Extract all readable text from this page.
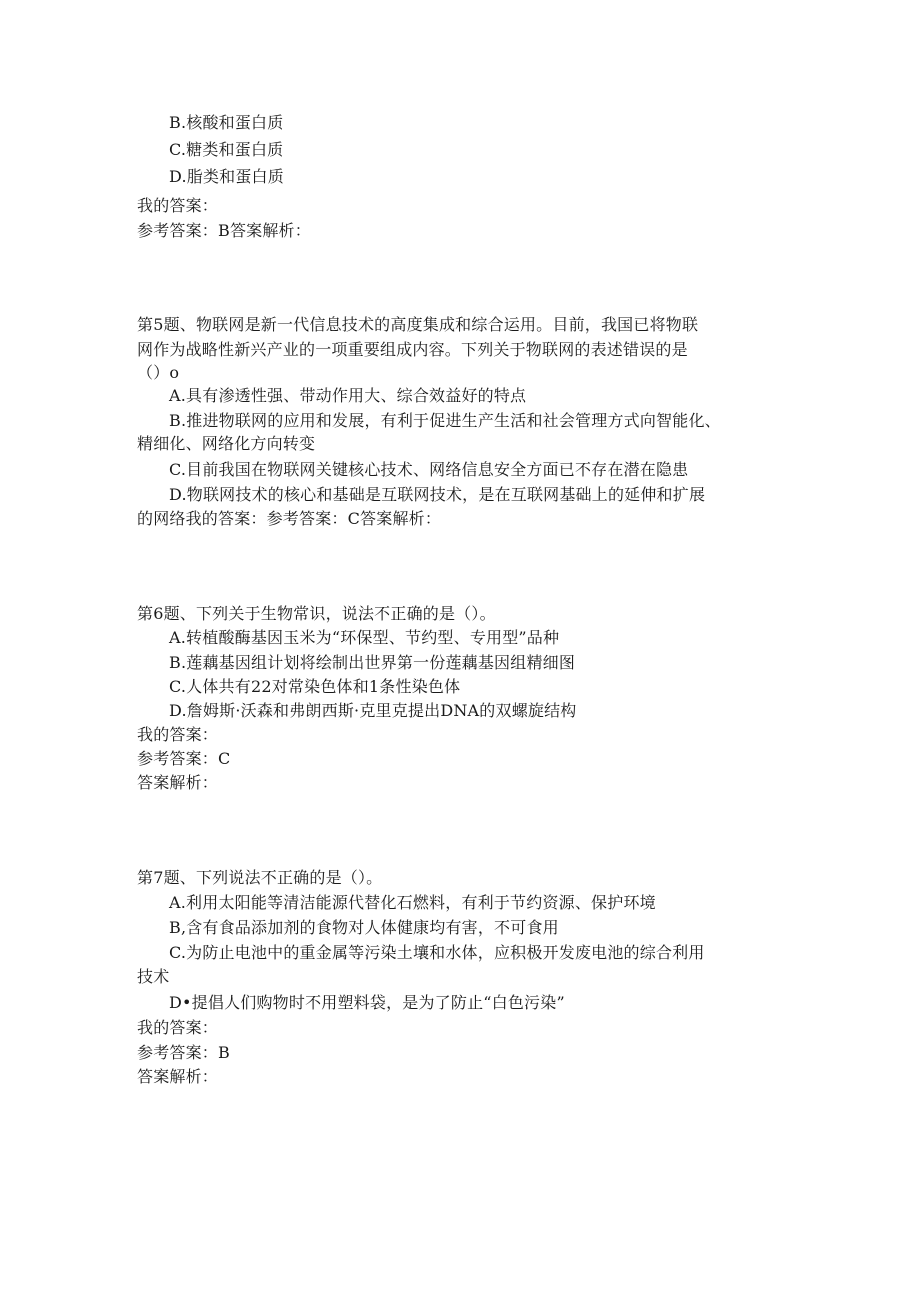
B.核酸和蛋白质
C.糖类和蛋白质
D.脂类和蛋白质
我的答案：
参考答案：B答案解析：
第5题、物联网是新一代信息技术的高度集成和综合运用。目前，我国已将物联
网作为战略性新兴产业的一项重要组成内容。下列关于物联网的表述错误的是
（）o
A.具有渗透性强、带动作用大、综合效益好的特点
B.推进物联网的应用和发展，有利于促进生产生活和社会管理方式向智能化、
精细化、网络化方向转变
C.目前我国在物联网关键核心技术、网络信息安全方面已不存在潜在隐患
D.物联网技术的核心和基础是互联网技术，是在互联网基础上的延伸和扩展
的网络我的答案：参考答案：C答案解析：
第6题、下列关于生物常识，说法不正确的是（）。
A.转植酸酶基因玉米为“环保型、节约型、专用型”品种
B.莲藕基因组计划将绘制出世界第一份莲藕基因组精细图
C.人体共有22对常染色体和1条性染色体
D.詹姆斯·沃森和弗朗西斯·克里克提出DNA的双螺旋结构
我的答案：
参考答案：C
答案解析：
第7题、下列说法不正确的是（）。
A.利用太阳能等清洁能源代替化石燃料，有利于节约资源、保护环境
B,含有食品添加剂的食物对人体健康均有害，不可食用
C.为防止电池中的重金属等污染土壤和水体，应积极开发废电池的综合利用
技术
D•提倡人们购物时不用塑料袋，是为了防止“白色污染”
我的答案：
参考答案：B
答案解析：
